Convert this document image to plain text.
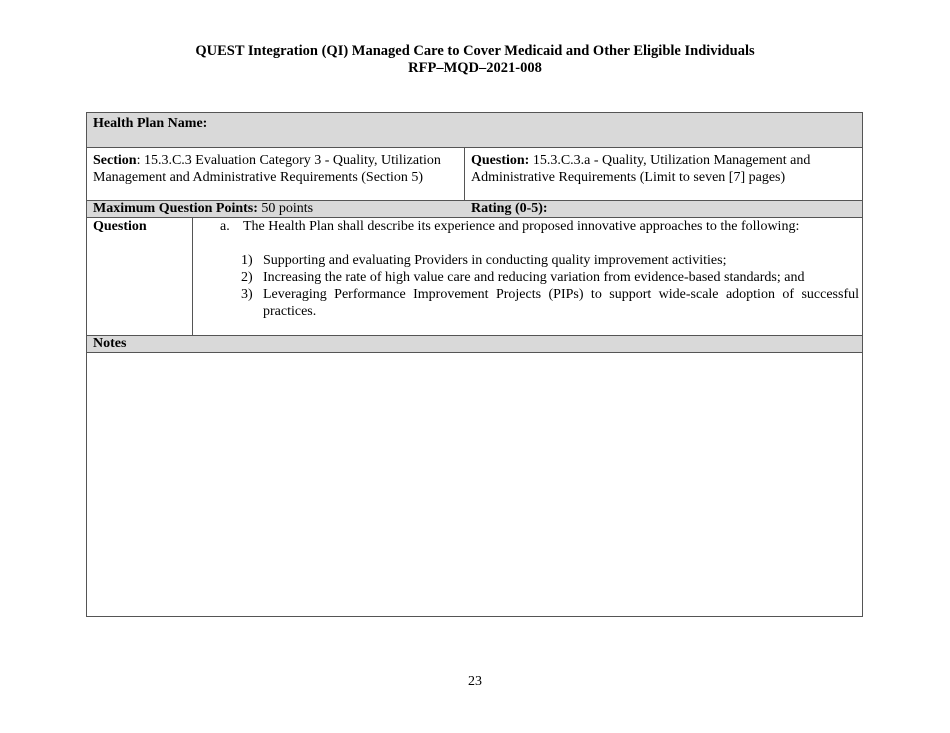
QUEST Integration (QI) Managed Care to Cover Medicaid and Other Eligible Individuals
RFP–MQD–2021-008
Health Plan Name:
Section: 15.3.C.3 Evaluation Category 3 - Quality, Utilization Management and Administrative Requirements (Section 5)
Question: 15.3.C.3.a - Quality, Utilization Management and Administrative Requirements (Limit to seven [7] pages)
Maximum Question Points: 50 points	Rating (0-5):
Question	a. The Health Plan shall describe its experience and proposed innovative approaches to the following:
1) Supporting and evaluating Providers in conducting quality improvement activities;
2) Increasing the rate of high value care and reducing variation from evidence-based standards; and
3) Leveraging Performance Improvement Projects (PIPs) to support wide-scale adoption of successful practices.
Notes
23
